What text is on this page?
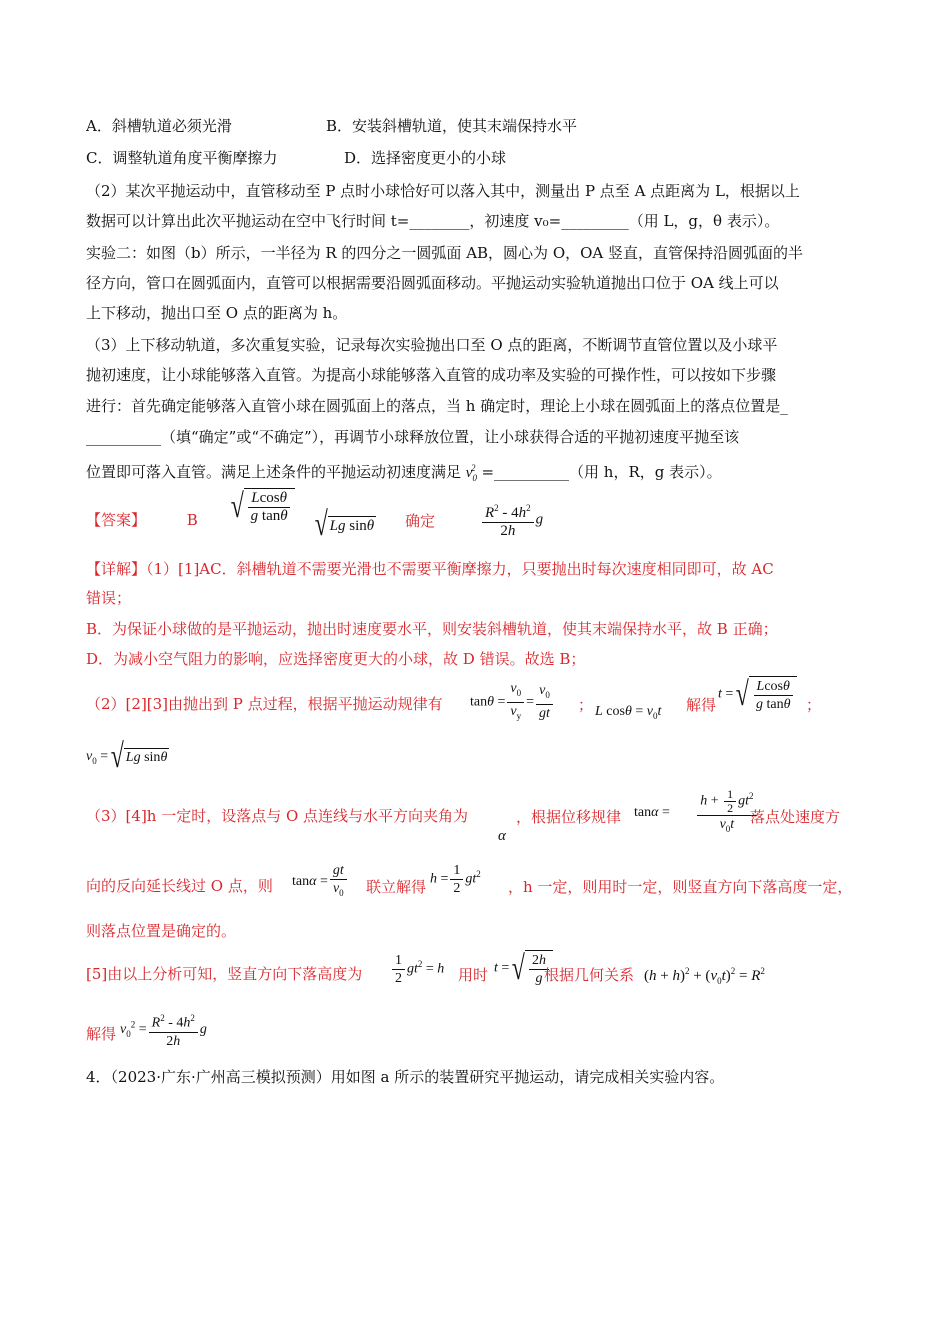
A．斜槽轨道必须光滑	B．安装斜槽轨道，使其末端保持水平
C．调整轨道角度平衡摩擦力	D．选择密度更小的小球
（2）某次平抛运动中，直管移动至 P 点时小球恰好可以落入其中，测量出 P 点至 A 点距离为 L，根据以上
数据可以计算出此次平抛运动在空中飞行时间 t=________，初速度 v₀=_________（用 L，g，θ 表示）。
实验二：如图（b）所示，一半径为 R 的四分之一圆弧面 AB，圆心为 O，OA 竖直，直管保持沿圆弧面的半
径方向，管口在圆弧面内，直管可以根据需要沿圆弧面移动。平抛运动实验轨道抛出口位于 OA 线上可以
上下移动，抛出口至 O 点的距离为 h。
（3）上下移动轨道，多次重复实验，记录每次实验抛出口至 O 点的距离，不断调节直管位置以及小球平
抛初速度，让小球能够落入直管。为提高小球能够落入直管的成功率及实验的可操作性，可以按如下步骤
进行：首先确定能够落入直管小球在圆弧面上的落点，当 h 确定时，理论上小球在圆弧面上的落点位置是_
__________（填“确定”或“不确定”），再调节小球释放位置，让小球获得合适的平抛初速度平抛至该
位置即可落入直管。满足上述条件的平抛运动初速度满足 $v_0^2$ =__________（用 h，R，g 表示）。
【答案】	B √ $\frac{Lcos\theta}{\text{g tanθ}}$ √ Lg sinθ 确定	$\frac{R^2 - 4h^2}{2h}$ g
【详解】（1）[1]AC．斜槽轨道不需要光滑也不需要平衡摩擦力，只要抛出时每次速度相同即可，故 AC
错误；
B．为保证小球做的是平抛运动，抛出时速度要水平，则安装斜槽轨道，使其末端保持水平，故 B 正确；
D．为减小空气阻力的影响，应选择密度更大的小球，故 D 错误。故选 B；
（2）[2][3]由抛出到 P 点过程，根据平抛运动规律有 $\tan\theta = \frac{v_0}{v_y} = \frac{v_0}{gt}$ ； L $\cos\theta = v_0t$ 解得
t = √ $\frac{Lcos\theta}{\text{g tanθ}}$ ；
$v_0$ = √ Lg sinθ
（3）[4]h 一定时，设落点与 O 点连线与水平方向夹角为
α
，根据位移规律 $\tan\alpha = \frac{h + \frac{1}{2} gt^2}{v_0t}$
落点处速度方
向的反向延长线过 O 点，则 $\tan\alpha = \frac{gt}{v_0}$ 联立解得 $h = \frac{1}{2} gt^2$
，h 一定，则用时一定，则竖直方向下落高度一定，
则落点位置是确定的。
[5]由以上分析可知，竖直方向下落高度为 $\frac{1}{2} gt^2 = h$ 用时 t = √ $\frac{2h}{g}$
根据几何关系 $(h + h)^2 + (v_0t)^2 = R^2$
解得 $v_0^2 = \frac{R^2 - 4h^2}{2h}$ g
4．（2023·广东·广州高三模拟预测）用如图 a 所示的装置研究平抛运动，请完成相关实验内容。
